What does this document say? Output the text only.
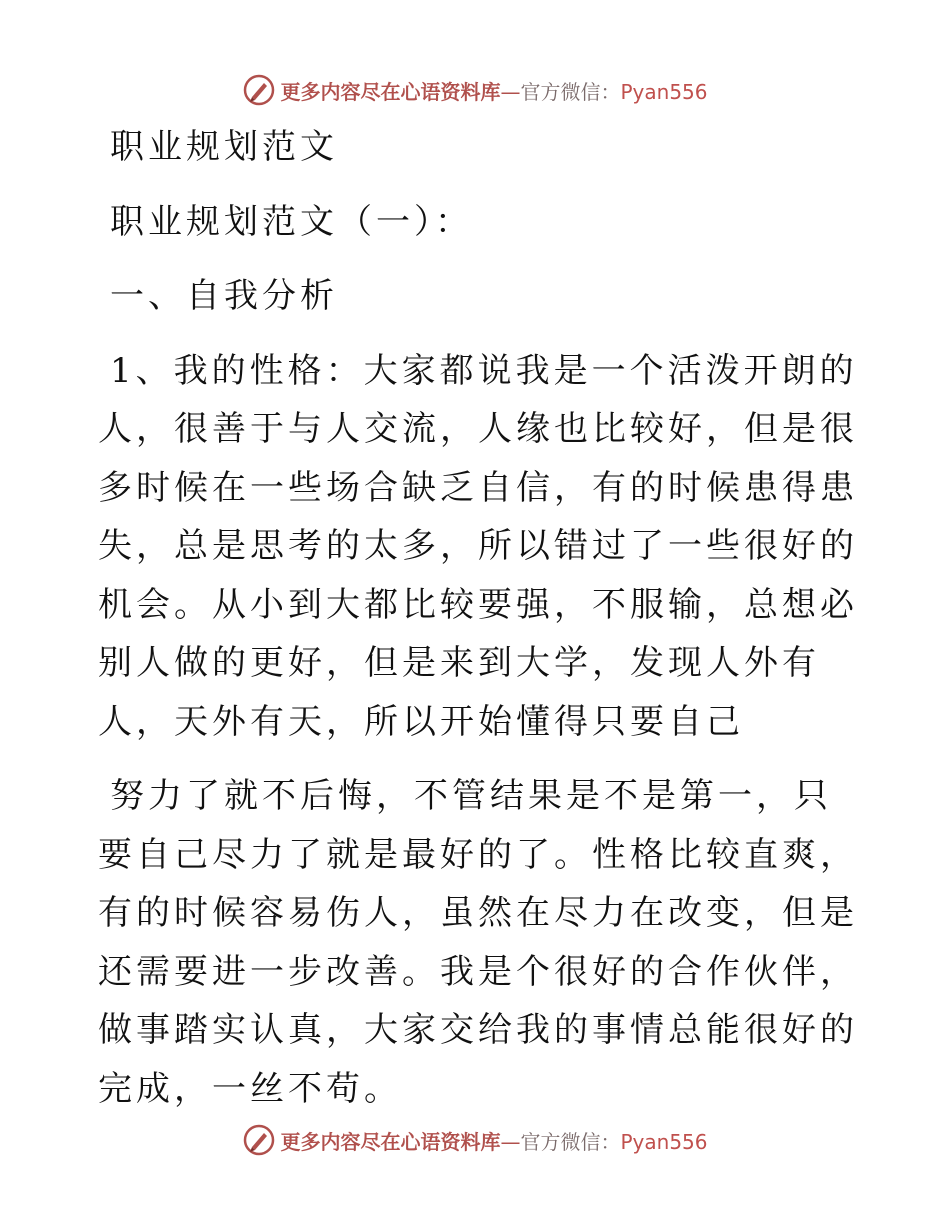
更多内容尽在心语资料库—官方微信：Pyan556

职业规划范文

职业规划范文（一）：

一、自我分析

1、我的性格：大家都说我是一个活泼开朗的人，很善于与人交流，人缘也比较好，但是很多时候在一些场合缺乏自信，有的时候患得患失，总是思考的太多，所以错过了一些很好的机会。从小到大都比较要强，不服输，总想必别人做的更好，但是来到大学，发现人外有人，天外有天，所以开始懂得只要自己

努力了就不后悔，不管结果是不是第一，只要自己尽力了就是最好的了。性格比较直爽，有的时候容易伤人，虽然在尽力在改变，但是还需要进一步改善。我是个很好的合作伙伴，做事踏实认真，大家交给我的事情总能很好的完成，一丝不苟。

更多内容尽在心语资料库—官方微信：Pyan556
